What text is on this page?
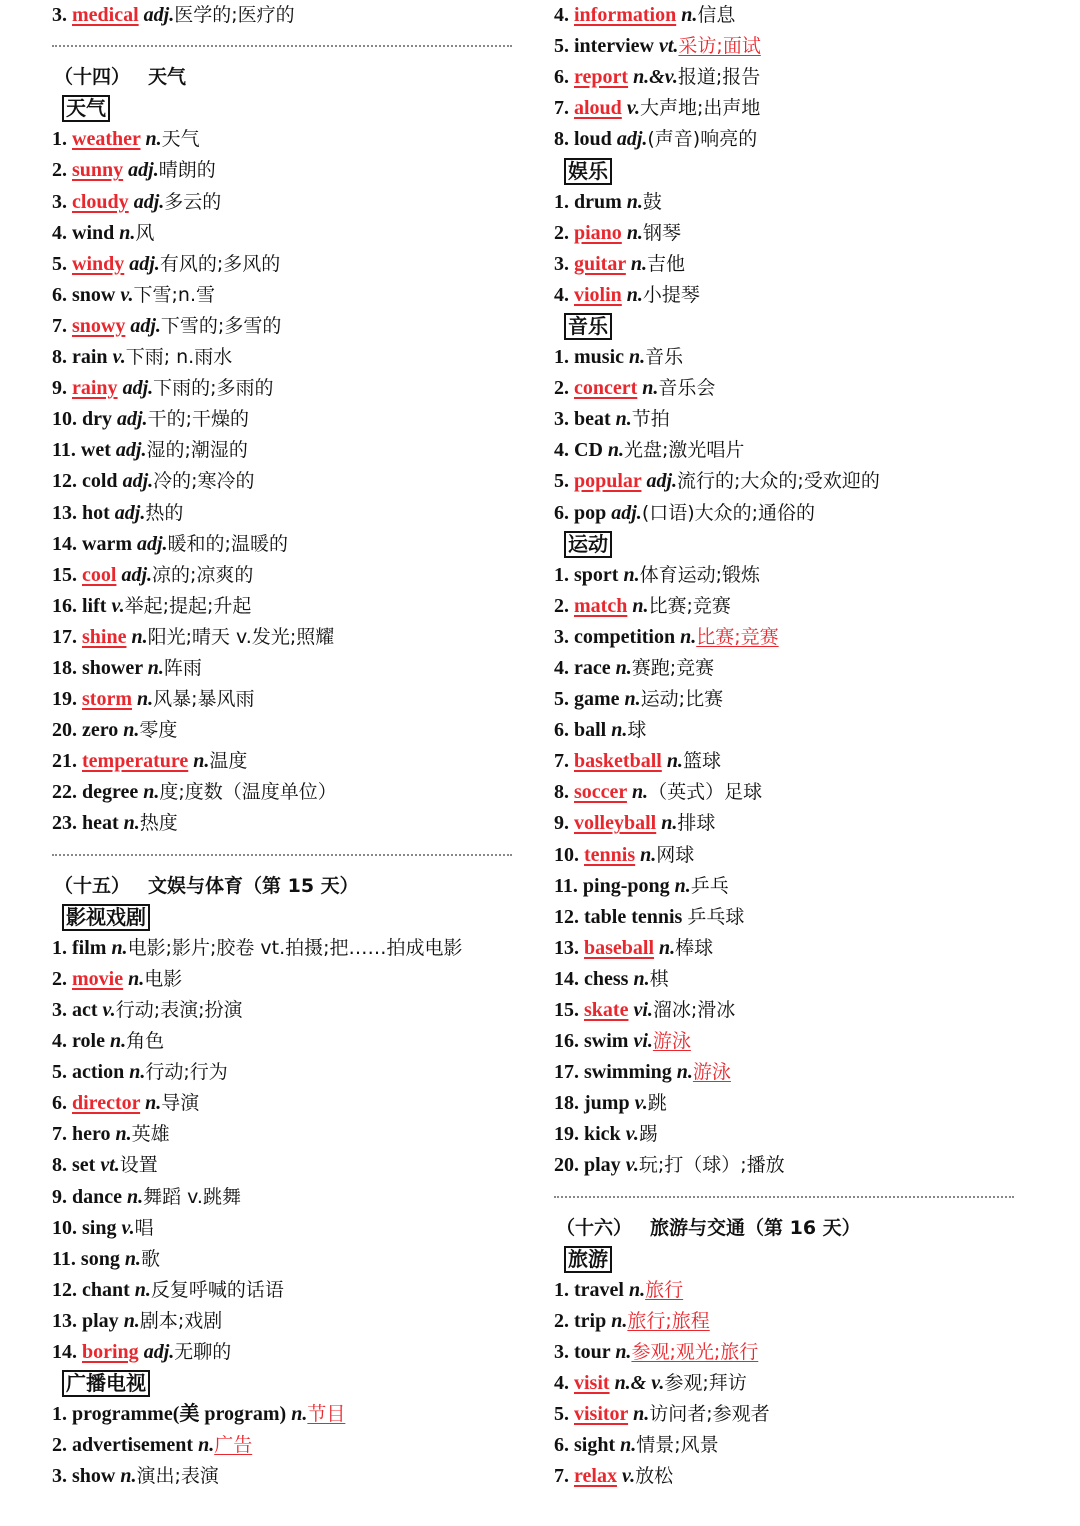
3. medical adj.医学的;医疗的
（十四） 天气
天气
1. weather n.天气
2. sunny adj.晴朗的
3. cloudy adj.多云的
4. wind n.风
5. windy adj.有风的;多风的
6. snow v.下雪;n.雪
7. snowy adj.下雪的;多雪的
8. rain v.下雨; n.雨水
9. rainy adj.下雨的;多雨的
10. dry adj.干的;干燥的
11. wet adj.湿的;潮湿的
12. cold adj.冷的;寒冷的
13. hot adj.热的
14. warm adj.暖和的;温暖的
15. cool adj.凉的;凉爽的
16. lift v.举起;提起;升起
17. shine n.阳光;晴天 v.发光;照耀
18. shower n.阵雨
19. storm n.风暴;暴风雨
20. zero n.零度
21. temperature n.温度
22. degree n.度;度数（温度单位）
23. heat n.热度
（十五） 文娱与体育（第 15 天）
影视戏剧
1. film n.电影;影片;胶卷 vt.拍摄;把……拍成电影
2. movie n.电影
3. act v.行动;表演;扮演
4. role n.角色
5. action n.行动;行为
6. director n.导演
7. hero n.英雄
8. set vt.设置
9. dance n.舞蹈 v.跳舞
10. sing v.唱
11. song n.歌
12. chant n.反复呼喊的话语
13. play n.剧本;戏剧
14. boring adj.无聊的
广播电视
1. programme(美 program) n.节目
2. advertisement n.广告
3. show n.演出;表演
4. information n.信息
5. interview vt.采访;面试
6. report n.&v.报道;报告
7. aloud v.大声地;出声地
8. loud adj.(声音)响亮的
娱乐
1. drum n.鼓
2. piano n.钢琴
3. guitar n.吉他
4. violin n.小提琴
音乐
1. music n.音乐
2. concert n.音乐会
3. beat n.节拍
4. CD n.光盘;激光唱片
5. popular adj.流行的;大众的;受欢迎的
6. pop adj.(口语)大众的;通俗的
运动
1. sport n.体育运动;锻炼
2. match n.比赛;竞赛
3. competition n.比赛;竞赛
4. race n.赛跑;竞赛
5. game n.运动;比赛
6. ball n.球
7. basketball n.篮球
8. soccer n.（英式）足球
9. volleyball n.排球
10. tennis n.网球
11. ping-pong n.乒乓
12. table tennis 乒乓球
13. baseball n.棒球
14. chess n.棋
15. skate vi.溜冰;滑冰
16. swim vi.游泳
17. swimming n.游泳
18. jump v.跳
19. kick v.踢
20. play v.玩;打（球）;播放
（十六） 旅游与交通（第 16 天）
旅游
1. travel n.旅行
2. trip n.旅行;旅程
3. tour n.参观;观光;旅行
4. visit n.& v.参观;拜访
5. visitor n.访问者;参观者
6. sight n.情景;风景
7. relax v.放松
